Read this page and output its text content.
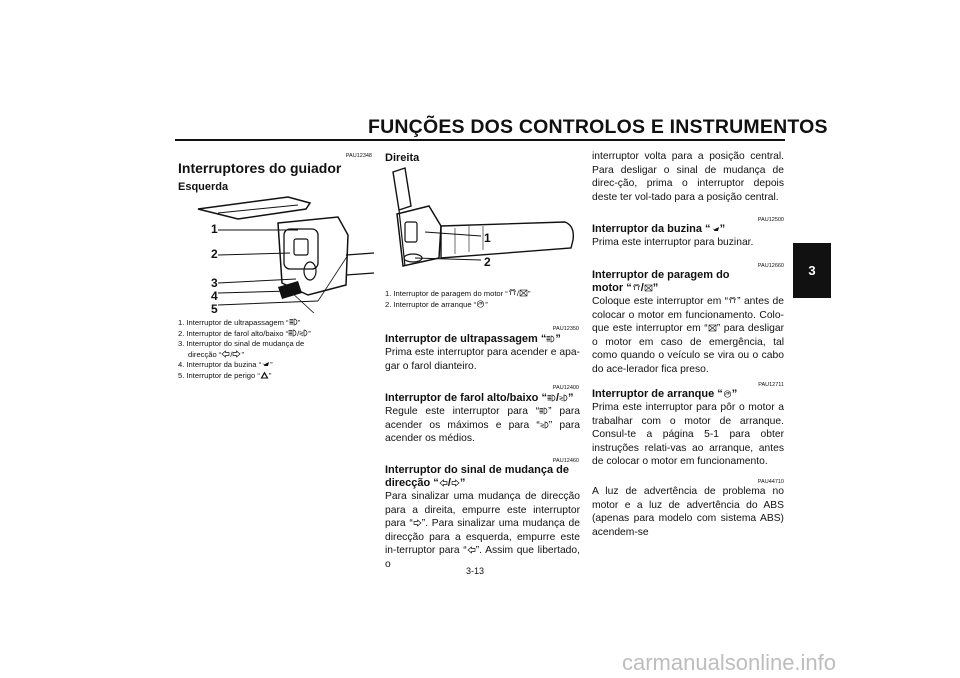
FUNÇÕES DOS CONTROLOS E INSTRUMENTOS
3
PAU12348
Interruptores do guiador
Esquerda
1
2
3
4
5
1. Interruptor de ultrapassagem “ ”
2. Interruptor de farol alto/baixo “ / ”
3. Interruptor do sinal de mudança de
direcção “ / ”
4. Interruptor da buzina “ ”
5. Interruptor de perigo “ ”
Direita
1
2
1. Interruptor de paragem do motor “ / ”
2. Interruptor de arranque “ ”
PAU12350
Interruptor de ultrapassagem “ ”
Prima este interruptor para acender e apa-gar o farol dianteiro.
PAU12400
Interruptor de farol alto/baixo “ / ”
Regule este interruptor para “ ” para acender os máximos e para “ ” para acender os médios.
PAU12460
Interruptor do sinal de mudança de
direcção “ / ”
Para sinalizar uma mudança de direcção para a direita, empurre este interruptor para “ ”. Para sinalizar uma mudança de direcção para a esquerda, empurre este in-terruptor para “ ”. Assim que libertado, o
interruptor volta para a posição central. Para desligar o sinal de mudança de direc-ção, prima o interruptor depois deste ter vol-tado para a posição central.
PAU12500
Interruptor da buzina “ ”
Prima este interruptor para buzinar.
PAU12660
Interruptor de paragem do
motor “ / ”
Coloque este interruptor em “ ” antes de colocar o motor em funcionamento. Colo-que este interruptor em “ ” para desligar o motor em caso de emergência, tal como quando o veículo se vira ou o cabo do ace-lerador fica preso.
PAU12711
Interruptor de arranque “ ”
Prima este interruptor para pôr o motor a trabalhar com o motor de arranque. Consul-te a página 5-1 para obter instruções relati-vas ao arranque, antes de colocar o motor em funcionamento.
PAU44710
A luz de advertência de problema no motor e a luz de advertência do ABS (apenas para modelo com sistema ABS) acendem-se
3-13
carmanualsonline.info
